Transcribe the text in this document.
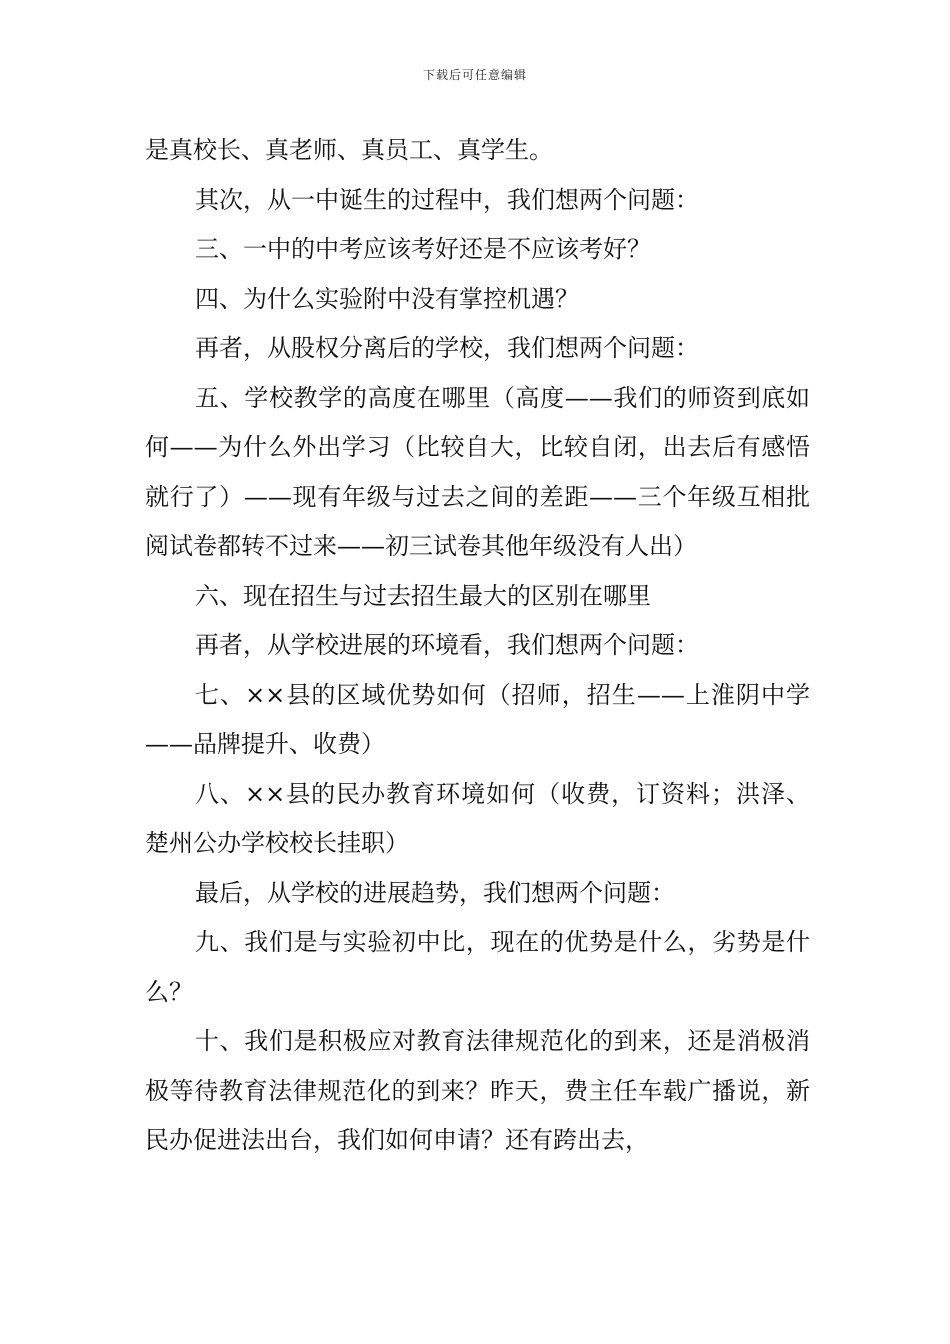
下载后可任意编辑

是真校长、真老师、真员工、真学生。

其次，从一中诞生的过程中，我们想两个问题：

三、一中的中考应该考好还是不应该考好？

四、为什么实验附中没有掌控机遇？

再者，从股权分离后的学校，我们想两个问题：

五、学校教学的高度在哪里（高度——我们的师资到底如何——为什么外出学习（比较自大，比较自闭，出去后有感悟就行了）——现有年级与过去之间的差距——三个年级互相批阅试卷都转不过来——初三试卷其他年级没有人出）

六、现在招生与过去招生最大的区别在哪里

再者，从学校进展的环境看，我们想两个问题：

七、××县的区域优势如何（招师，招生——上淮阴中学——品牌提升、收费）

八、××县的民办教育环境如何（收费，订资料；洪泽、楚州公办学校校长挂职）

最后，从学校的进展趋势，我们想两个问题：

九、我们是与实验初中比，现在的优势是什么，劣势是什么？

十、我们是积极应对教育法律规范化的到来，还是消极消极等待教育法律规范化的到来？昨天，费主任车载广播说，新民办促进法出台，我们如何申请？还有跨出去，
